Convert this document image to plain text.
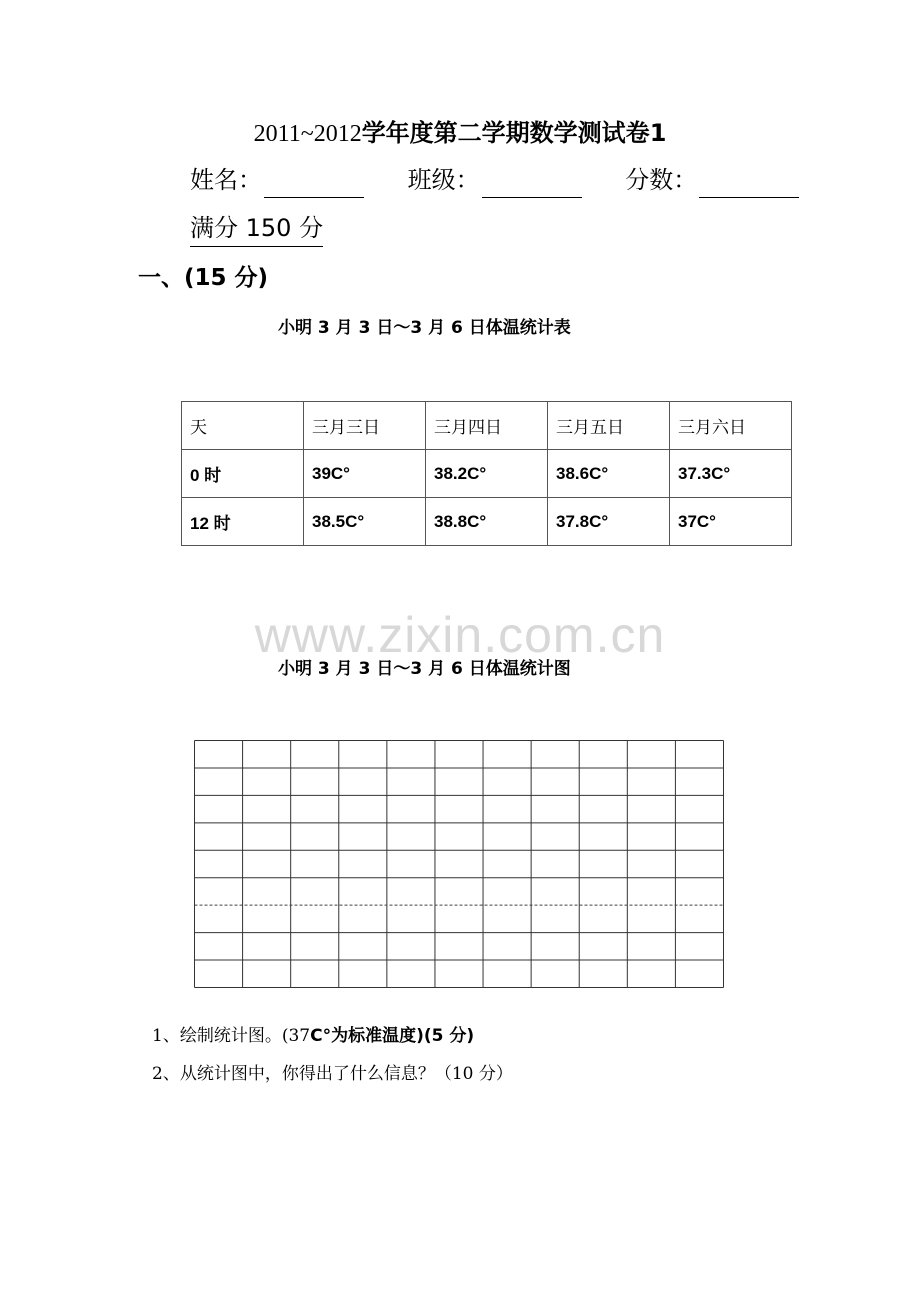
2011~2012学年度第二学期数学测试卷1
姓名：	班级：	分数：
满分 150 分
一、(15 分)
小明 3 月 3 日～3 月 6 日体温统计表
天	三月三日	三月四日	三月五日	三月六日
0 时	39C°	38.2C°	38.6C°	37.3C°
12 时	38.5C°	38.8C°	37.8C°	37C°
www.zixin.com.cn
小明 3 月 3 日～3 月 6 日体温统计图
1、绘制统计图。(37C°为标准温度)(5 分)
2、从统计图中，你得出了什么信息？（10 分）
